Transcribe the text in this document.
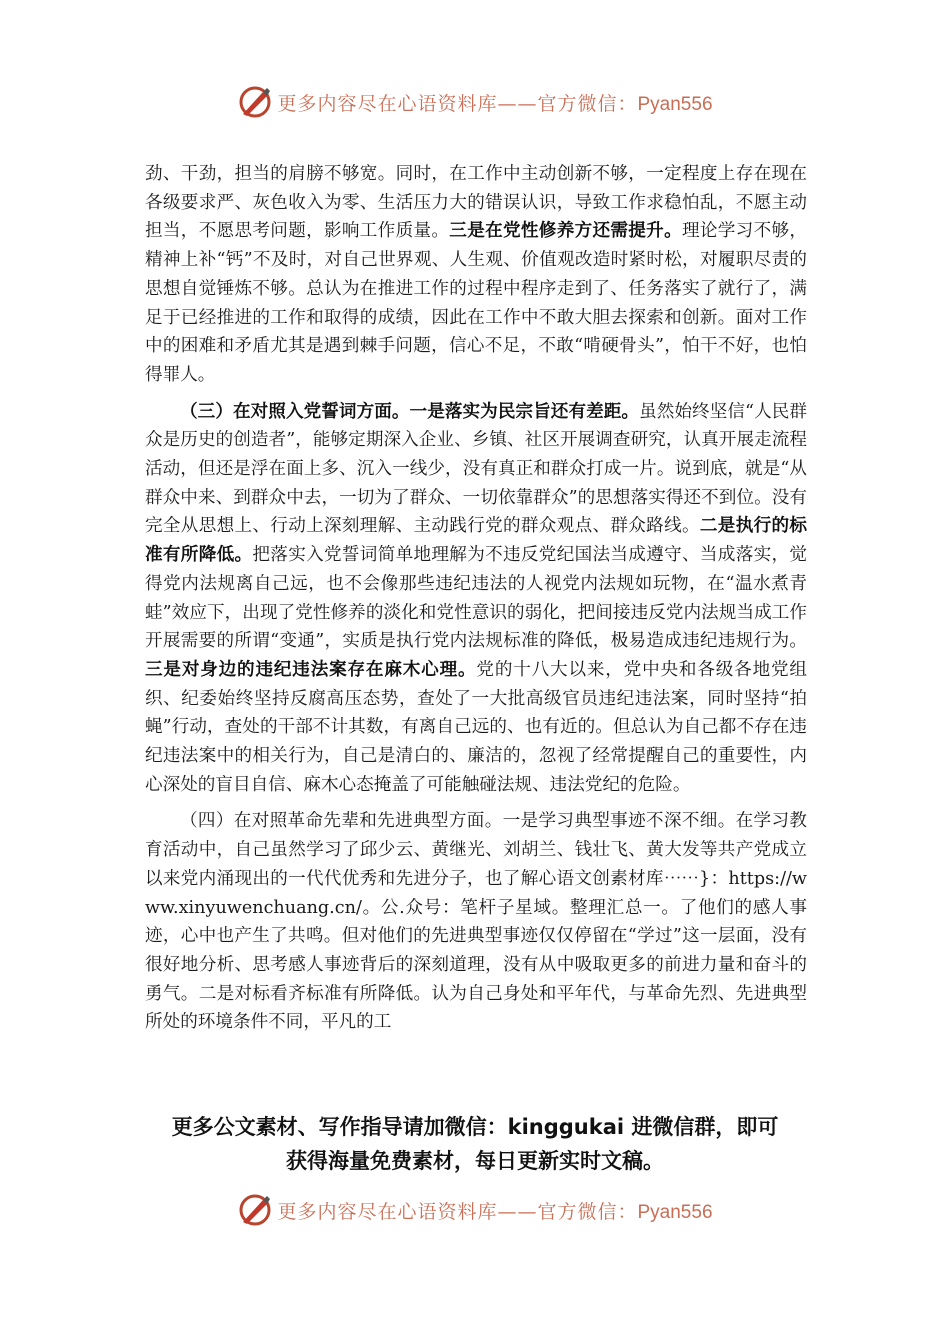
更多内容尽在心语资料库——官方微信：Pyan556

劲、干劲，担当的肩膀不够宽。同时，在工作中主动创新不够，一定程度上存在现在各级要求严、灰色收入为零、生活压力大的错误认识，导致工作求稳怕乱，不愿主动担当，不愿思考问题，影响工作质量。三是在党性修养方还需提升。理论学习不够，精神上补“钙”不及时，对自己世界观、人生观、价值观改造时紧时松，对履职尽责的思想自觉锤炼不够。总认为在推进工作的过程中程序走到了、任务落实了就行了，满足于已经推进的工作和取得的成绩，因此在工作中不敢大胆去探索和创新。面对工作中的困难和矛盾尤其是遇到棘手问题，信心不足，不敢“啃硬骨头”，怕干不好，也怕得罪人。

（三）在对照入党誓词方面。一是落实为民宗旨还有差距。虽然始终坚信“人民群众是历史的创造者”，能够定期深入企业、乡镇、社区开展调查研究，认真开展走流程活动，但还是浮在面上多、沉入一线少，没有真正和群众打成一片。说到底，就是“从群众中来、到群众中去，一切为了群众、一切依靠群众”的思想落实得还不到位。没有完全从思想上、行动上深刻理解、主动践行党的群众观点、群众路线。二是执行的标准有所降低。把落实入党誓词简单地理解为不违反党纪国法当成遵守、当成落实，觉得党内法规离自己远，也不会像那些违纪违法的人视党内法规如玩物，在“温水煮青蛙”效应下，出现了党性修养的淡化和党性意识的弱化，把间接违反党内法规当成工作开展需要的所谓“变通”，实质是执行党内法规标准的降低，极易造成违纪违规行为。三是对身边的违纪违法案存在麻木心理。党的十八大以来，党中央和各级各地党组织、纪委始终坚持反腐高压态势，查处了一大批高级官员违纪违法案，同时坚持“拍蝇”行动，查处的干部不计其数，有离自己远的、也有近的。但总认为自己都不存在违纪违法案中的相关行为，自己是清白的、廉洁的，忽视了经常提醒自己的重要性，内心深处的盲目自信、麻木心态掩盖了可能触碰法规、违法党纪的危险。

（四）在对照革命先辈和先进典型方面。一是学习典型事迹不深不细。在学习教育活动中，自己虽然学习了邱少云、黄继光、刘胡兰、钱壮飞、黄大发等共产党成立以来党内涌现出的一代代优秀和先进分子，也了解心语文创素材库⋯⋯}：https://www.xinyuwenchuang.cn/。公.众号：笔杆子星域。整理汇总一。了他们的感人事迹，心中也产生了共鸣。但对他们的先进典型事迹仅仅停留在“学过”这一层面，没有很好地分析、思考感人事迹背后的深刻道理，没有从中吸取更多的前进力量和奋斗的勇气。二是对标看齐标准有所降低。认为自己身处和平年代，与革命先烈、先进典型所处的环境条件不同，平凡的工

更多公文素材、写作指导请加微信：kinggukai 进微信群，即可
获得海量免费素材，每日更新实时文稿。
更多内容尽在心语资料库——官方微信：Pyan556
